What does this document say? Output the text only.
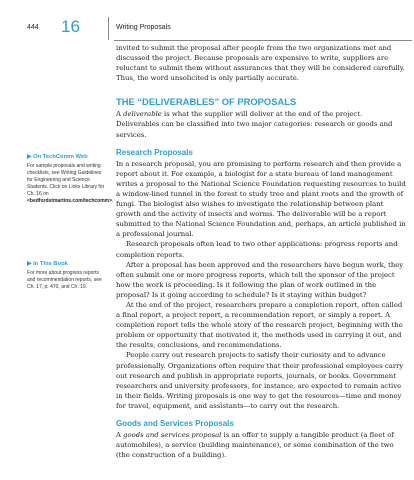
444 16	Writing Proposals

invited to submit the proposal after people from the two organizations met and discussed the project. Because proposals are expensive to write, suppliers are reluctant to submit them without assurances that they will be considered carefully. Thus, the word unsolicited is only partially accurate.

THE “DELIVERABLES” OF PROPOSALS

A deliverable is what the supplier will deliver at the end of the project. Deliverables can be classified into two major categories: research or goods and services.

Research Proposals

In a research proposal, you are promising to perform research and then provide a report about it. For example, a biologist for a state bureau of land management writes a proposal to the National Science Foundation requesting resources to build a window-lined tunnel in the forest to study tree and plant roots and the growth of fungi. The biologist also wishes to investigate the relationship between plant growth and the activity of insects and worms. The deliverable will be a report submitted to the National Science Foundation and, perhaps, an article published in a professional journal.

Research proposals often lead to two other applications: progress reports and completion reports.

After a proposal has been approved and the researchers have begun work, they often submit one or more progress reports, which tell the sponsor of the project how the work is proceeding. Is it following the plan of work outlined in the proposal? Is it going according to schedule? Is it staying within budget?

At the end of the project, researchers prepare a completion report, often called a final report, a project report, a recommendation report, or simply a report. A completion report tells the whole story of the research project, beginning with the problem or opportunity that motivated it, the methods used in carrying it out, and the results, conclusions, and recommendations.

People carry out research projects to satisfy their curiosity and to advance professionally. Organizations often require that their professional employees carry out research and publish in appropriate reports, journals, or books. Government researchers and university professors, for instance, are expected to remain active in their fields. Writing proposals is one way to get the resources—time and money for travel, equipment, and assistants—to carry out the research.

Goods and Services Proposals

A goods and services proposal is an offer to supply a tangible product (a fleet of automobiles), a service (building maintenance), or some combination of the two (the construction of a building).

▶ On TechComm Web
For sample proposals and writing checklists, see Writing Guidelines for Engineering and Science Students. Click on Links Library for Ch. 16 on <bedfordstmartins.com/techcomm>.
▶ In This Book
For more about progress reports and recommendation reports, see Ch. 17, p. 470, and Ch. 19.
